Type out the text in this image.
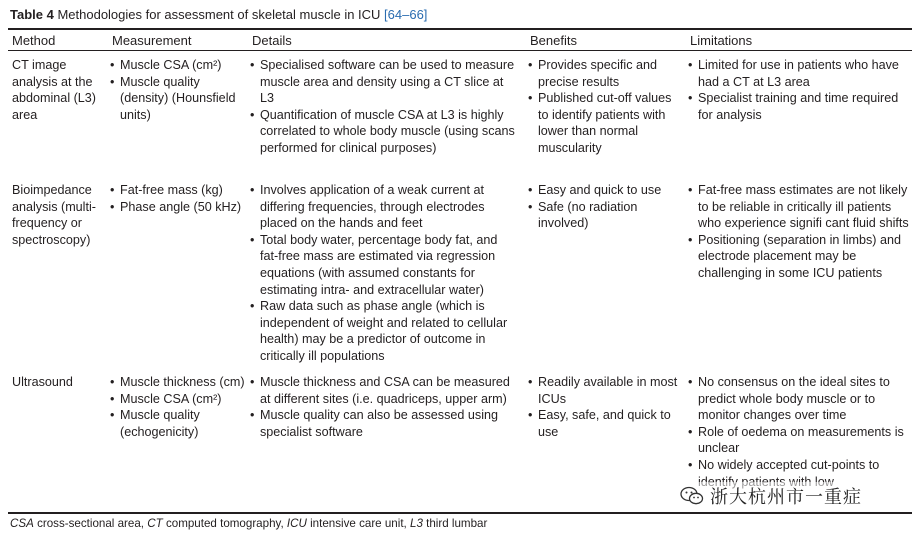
Table 4 Methodologies for assessment of skeletal muscle in ICU [64–66]
Method	Measurement	Details	Benefits	Limitations
CT image analysis at the abdominal (L3) area
• Muscle CSA (cm²)
• Muscle quality (density) (Hounsfield units)
• Specialised software can be used to measure muscle area and density using a CT slice at L3
• Quantification of muscle CSA at L3 is highly correlated to whole body muscle (using scans performed for clinical purposes)
• Provides specific and precise results
• Published cut-off values to identify patients with lower than normal muscularity
• Limited for use in patients who have had a CT at L3 area
• Specialist training and time required for analysis
Bioimpedance analysis (multi-frequency or spectroscopy)
• Fat-free mass (kg)
• Phase angle (50 kHz)
• Involves application of a weak current at differing frequencies, through electrodes placed on the hands and feet
• Total body water, percentage body fat, and fat-free mass are estimated via regression equations (with assumed constants for estimating intra- and extracellular water)
• Raw data such as phase angle (which is independent of weight and related to cellular health) may be a predictor of outcome in critically ill populations
• Easy and quick to use
• Safe (no radiation involved)
• Fat-free mass estimates are not likely to be reliable in critically ill patients who experience signifi cant fluid shifts
• Positioning (separation in limbs) and electrode placement may be challenging in some ICU patients
Ultrasound
•	Muscle thickness (cm)
• Muscle CSA (cm²)
• Muscle quality (echogenicity)
• Muscle thickness and CSA can be measured at different sites (i.e. quadriceps, upper arm)
• Muscle quality can also be assessed using specialist software
• Readily available in most ICUs
• Easy, safe, and quick to use
• No consensus on the ideal sites to predict whole body muscle or to monitor changes over time
• Role of oedema on measurements is unclear
• No widely accepted cut-points to
浙大杭州市一重症
CSA cross-sectional area, CT computed tomography, ICU intensive care unit, L3 third lumbar
